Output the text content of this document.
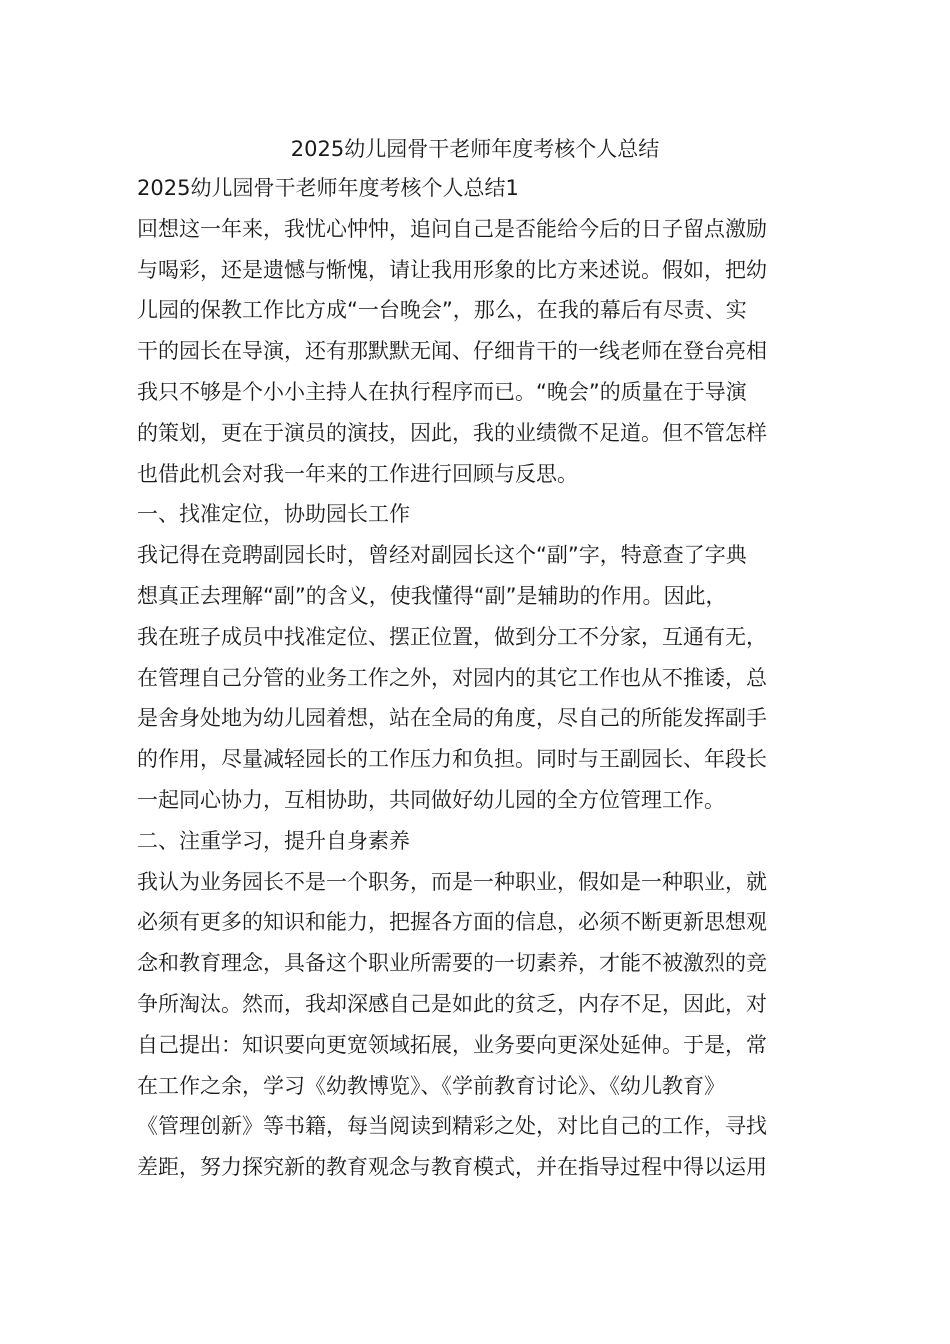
2025幼儿园骨干老师年度考核个人总结

2025幼儿园骨干老师年度考核个人总结1

回想这一年来，我忧心忡忡，追问自己是否能给今后的日子留点激励

与喝彩，还是遗憾与惭愧，请让我用形象的比方来述说。假如，把幼

儿园的保教工作比方成“一台晚会”，那么，在我的幕后有尽责、实

干的园长在导演，还有那默默无闻、仔细肯干的一线老师在登台亮相

我只不够是个小小主持人在执行程序而已。“晚会”的质量在于导演

的策划，更在于演员的演技，因此，我的业绩微不足道。但不管怎样

也借此机会对我一年来的工作进行回顾与反思。

一、找准定位，协助园长工作

我记得在竞聘副园长时，曾经对副园长这个“副”字，特意查了字典

想真正去理解“副”的含义，使我懂得“副”是辅助的作用。因此，

我在班子成员中找准定位、摆正位置，做到分工不分家，互通有无，

在管理自己分管的业务工作之外，对园内的其它工作也从不推诿，总

是舍身处地为幼儿园着想，站在全局的角度，尽自己的所能发挥副手

的作用，尽量减轻园长的工作压力和负担。同时与王副园长、年段长

一起同心协力，互相协助，共同做好幼儿园的全方位管理工作。

二、注重学习，提升自身素养

我认为业务园长不是一个职务，而是一种职业，假如是一种职业，就

必须有更多的知识和能力，把握各方面的信息，必须不断更新思想观

念和教育理念，具备这个职业所需要的一切素养，才能不被激烈的竞

争所淘汰。然而，我却深感自己是如此的贫乏，内存不足，因此，对

自己提出：知识要向更宽领域拓展，业务要向更深处延伸。于是，常

在工作之余，学习《幼教博览》、《学前教育讨论》、《幼儿教育》

《管理创新》等书籍，每当阅读到精彩之处，对比自己的工作，寻找

差距，努力探究新的教育观念与教育模式，并在指导过程中得以运用
